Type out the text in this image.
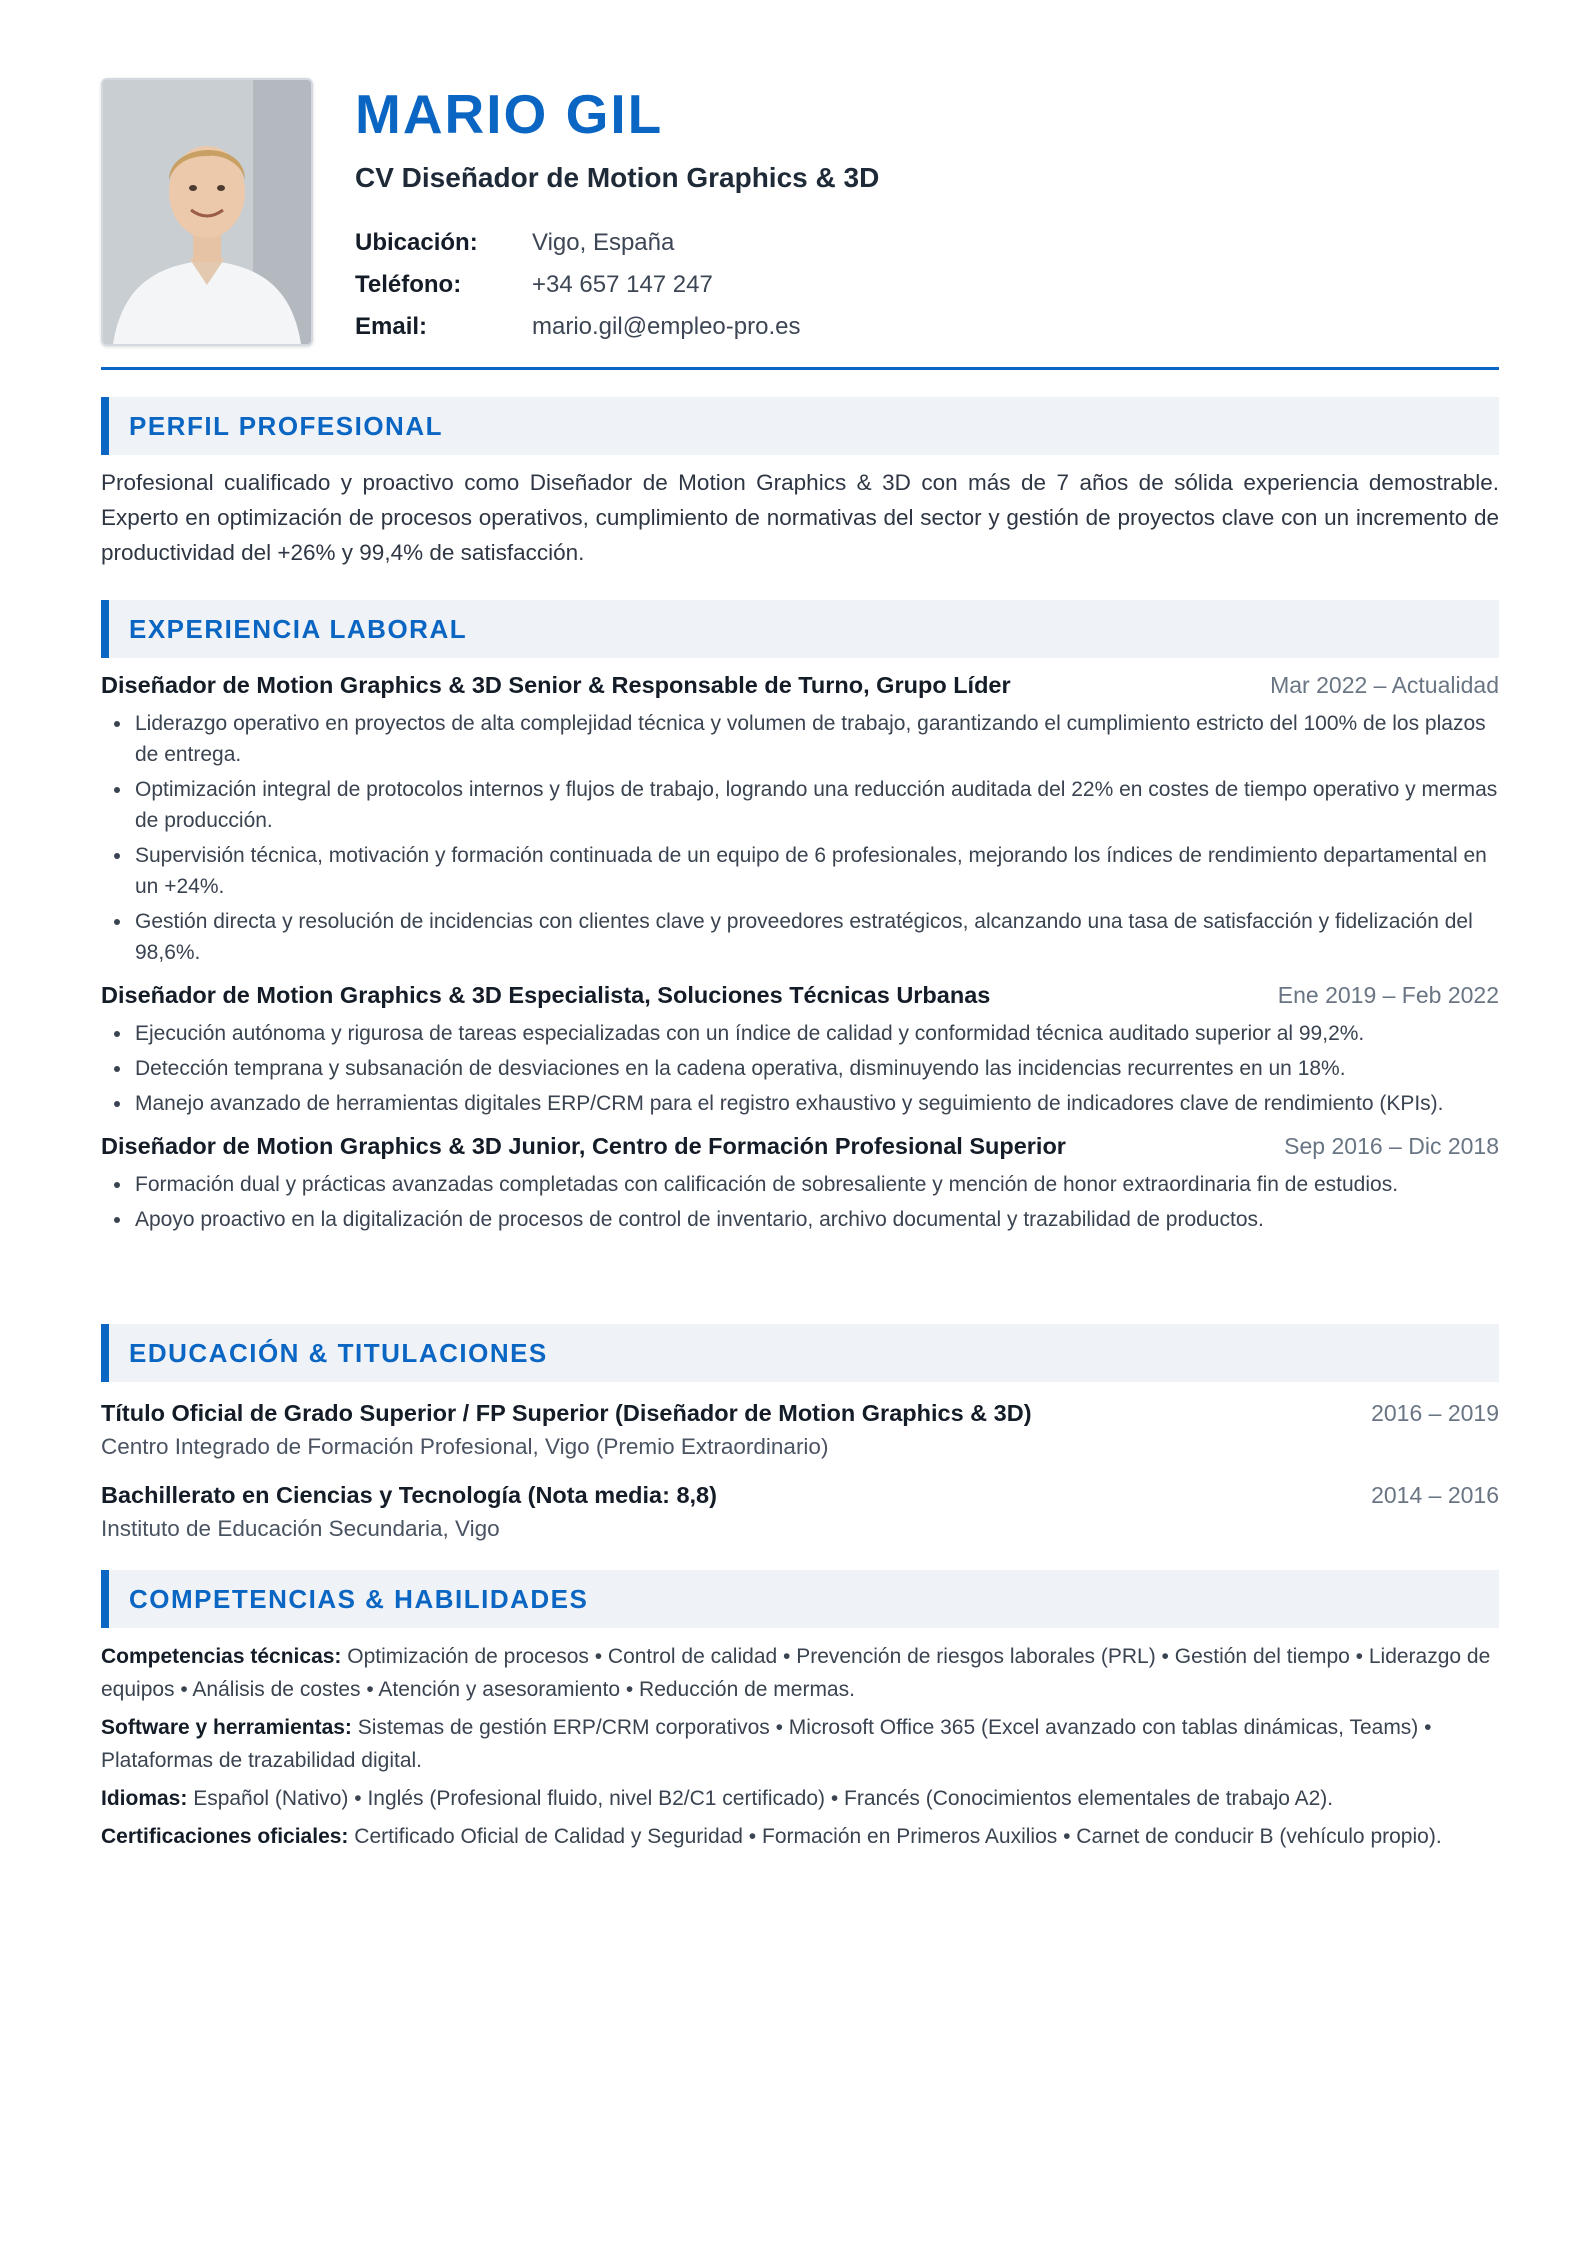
MARIO GIL
CV Diseñador de Motion Graphics & 3D
Ubicación:	Vigo, España
Teléfono:	+34 657 147 247
Email:	mario.gil@empleo-pro.es
PERFIL PROFESIONAL

Profesional cualificado y proactivo como Diseñador de Motion Graphics & 3D con más de 7 años de sólida experiencia demostrable. Experto en optimización de procesos operativos, cumplimiento de normativas del sector y gestión de proyectos clave con un incremento de productividad del +26% y 99,4% de satisfacción.

EXPERIENCIA LABORAL
Diseñador de Motion Graphics & 3D Senior & Responsable de Turno, Grupo Líder	Mar 2022 – Actualidad
Liderazgo operativo en proyectos de alta complejidad técnica y volumen de trabajo, garantizando el cumplimiento estricto del 100% de los plazos de entrega.
Optimización integral de protocolos internos y flujos de trabajo, logrando una reducción auditada del 22% en costes de tiempo operativo y mermas de producción.
Supervisión técnica, motivación y formación continuada de un equipo de 6 profesionales, mejorando los índices de rendimiento departamental en un +24%.
Gestión directa y resolución de incidencias con clientes clave y proveedores estratégicos, alcanzando una tasa de satisfacción y fidelización del 98,6%.
Diseñador de Motion Graphics & 3D Especialista, Soluciones Técnicas Urbanas	Ene 2019 – Feb 2022
Ejecución autónoma y rigurosa de tareas especializadas con un índice de calidad y conformidad técnica auditado superior al 99,2%.
Detección temprana y subsanación de desviaciones en la cadena operativa, disminuyendo las incidencias recurrentes en un 18%.
Manejo avanzado de herramientas digitales ERP/CRM para el registro exhaustivo y seguimiento de indicadores clave de rendimiento (KPIs).
Diseñador de Motion Graphics & 3D Junior, Centro de Formación Profesional Superior	Sep 2016 – Dic 2018
Formación dual y prácticas avanzadas completadas con calificación de sobresaliente y mención de honor extraordinaria fin de estudios.
Apoyo proactivo en la digitalización de procesos de control de inventario, archivo documental y trazabilidad de productos.
EDUCACIÓN & TITULACIONES
Título Oficial de Grado Superior / FP Superior (Diseñador de Motion Graphics & 3D)	2016 – 2019
Centro Integrado de Formación Profesional, Vigo (Premio Extraordinario)
Bachillerato en Ciencias y Tecnología (Nota media: 8,8)	2014 – 2016
Instituto de Educación Secundaria, Vigo
COMPETENCIAS & HABILIDADES
Competencias técnicas: Optimización de procesos • Control de calidad • Prevención de riesgos laborales (PRL) • Gestión del tiempo • Liderazgo de equipos • Análisis de costes • Atención y asesoramiento • Reducción de mermas.
Software y herramientas: Sistemas de gestión ERP/CRM corporativos • Microsoft Office 365 (Excel avanzado con tablas dinámicas, Teams) • Plataformas de trazabilidad digital.
Idiomas: Español (Nativo) • Inglés (Profesional fluido, nivel B2/C1 certificado) • Francés (Conocimientos elementales de trabajo A2).
Certificaciones oficiales: Certificado Oficial de Calidad y Seguridad • Formación en Primeros Auxilios • Carnet de conducir B (vehículo propio).
